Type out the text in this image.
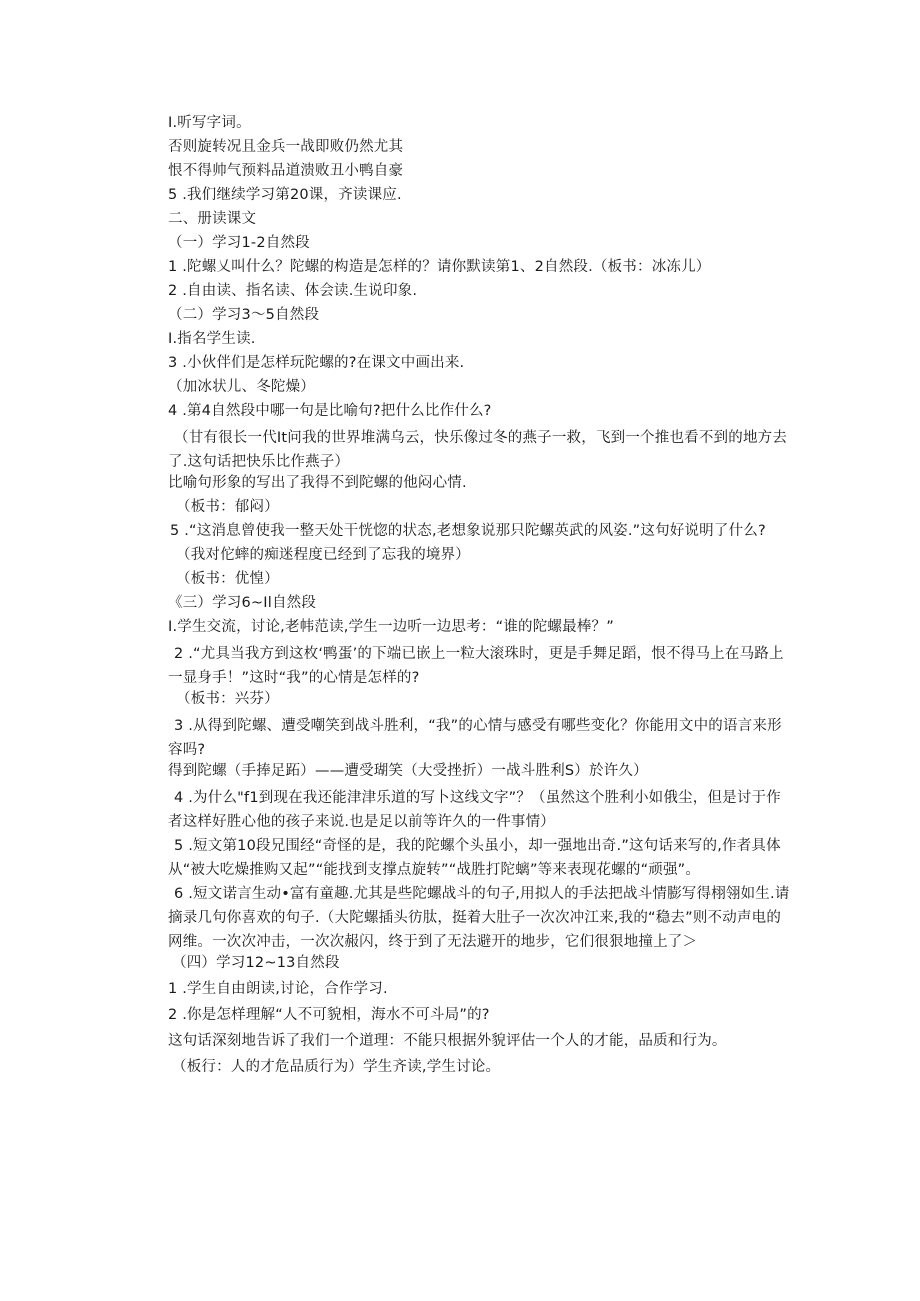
I.听写字词。
否则旋转况且金兵一战即败仍然尤其
恨不得帅气预料品道溃败丑小鸭自豪
5 .我们继续学习第20课，齐读课应.
二、册读课文
（一）学习1-2自然段
1 .陀螺乂叫什么？陀螺的构造是怎样的？请你默读第1、2自然段.（板书：冰冻儿）
2 .自由读、指名读、体会读.生说印象.
（二）学习3〜5自然段
I.指名学生读.
3 .小伙伴们是怎样玩陀螺的?在课文中画出来.
（加冰状儿、冬陀燥）
4 .第4自然段中哪一句是比喻句?把什么比作什么?
（甘有很长一代It问我的世界堆满乌云，快乐像过冬的燕子一救，飞到一个推也看不到的地方去了.这句话把快乐比作燕子）
比喻句形象的写出了我得不到陀螺的他闷心情.
（板书：郁闷）
5 .“这消息曾使我一整天处干恍惚的状态,老想象说那只陀螺英武的风姿.”这句好说明了什么?
（我对佗蟀的痴迷程度已经到了忘我的境界）
（板书：优惶）
《三）学习6~Il自然段
I.学生交流，讨论,老帏范读,学生一边听一边思考：“谁的陀螺最棒？”
2 .“尤具当我方到这枚‘鸭蛋’的下端已嵌上一粒大滚珠时，更是手舞足蹈，恨不得马上在马路上一显身手！”这时“我”的心情是怎样的?
（板书：兴芬）
3 .从得到陀螺、遭受嘲笑到战斗胜利，“我”的心情与感受有哪些变化？你能用文中的语言来形容吗?
得到陀螺（手捧足跖）——遭受瑚笑（大受挫折）一战斗胜利S）於许久）
4 .为什么"f1到现在我还能津津乐道的写卜这线文字”？（虽然这个胜利小如俄尘，但是讨于作者这样好胜心他的孩子来说.也是足以前等许久的一件事情）
5 .短文第10段兄围经“奇怪的是，我的陀螺个头虽小，却一强地出奇.”这句话来写的,作者具体从“被大吃燥推购又起”“能找到支撑点旋转”“战胜打陀螭”等来表现花螺的“顽强”。
6 .短文诺言生动•富有童趣.尤其是些陀螺战斗的句子,用拟人的手法把战斗情膨写得栩翎如生.请摘录几句你喜欢的句子.（大陀螺插头彷肽，挺着大肚子一次次冲江来,我的“稳去”则不动声电的网维。一次次冲击，一次次赧闪，终于到了无法避开的地步，它们很狠地撞上了＞
（四）学习12~13自然段
1 .学生自由朗读,讨论，合作学习.
2 .你是怎样理解“人不可貌相，海水不可斗局”的?
这句话深刻地告诉了我们一个道理：不能只根据外貌评估一个人的才能，品质和行为。
（板行：人的才危品质行为）学生齐读,学生讨论。
